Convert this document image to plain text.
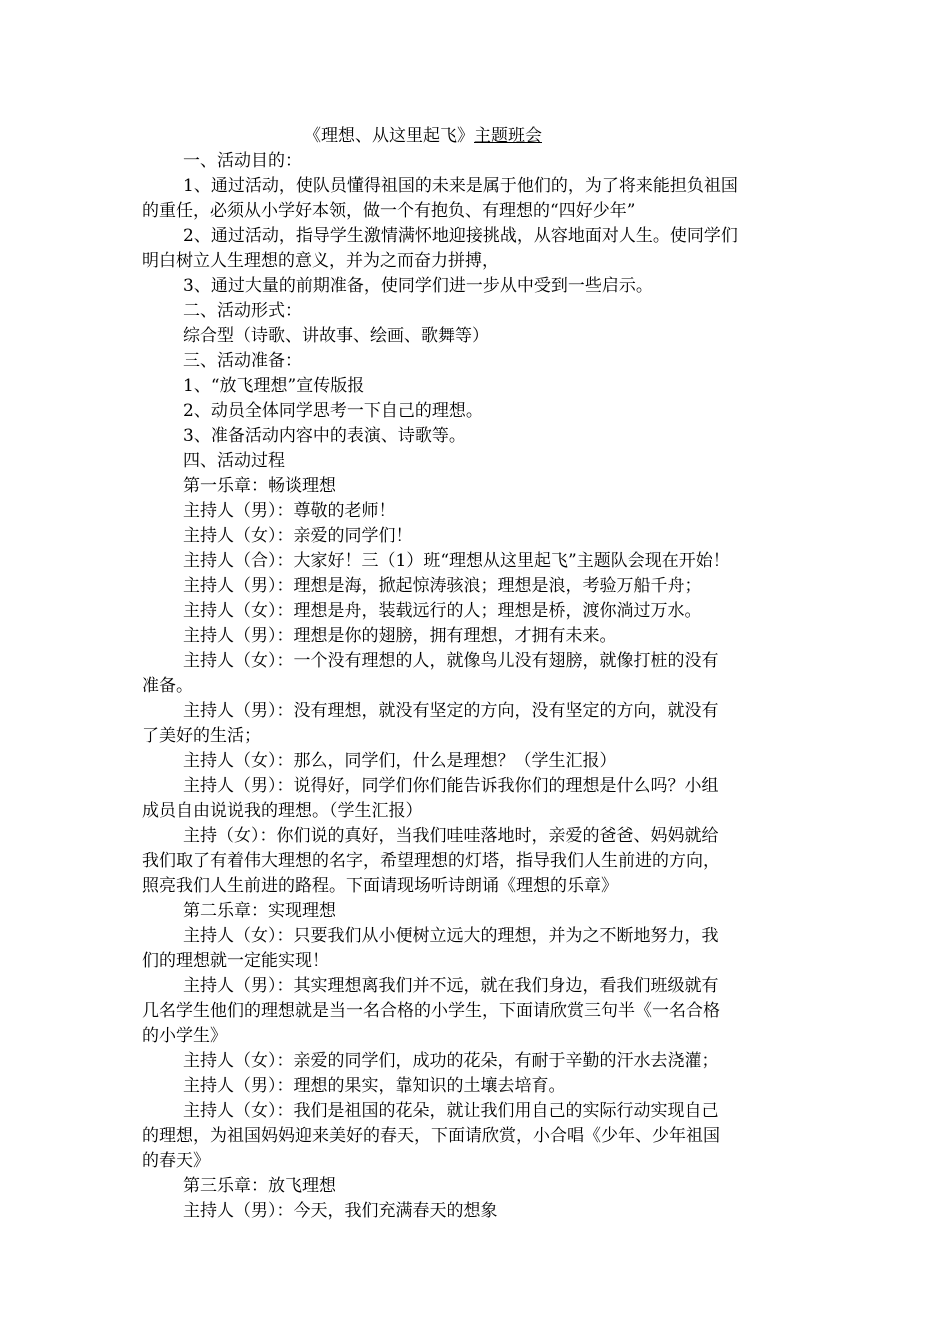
《理想、从这里起飞》主题班会
一、活动目的：
1、通过活动，使队员懂得祖国的未来是属于他们的，为了将来能担负祖国
的重任，必须从小学好本领，做一个有抱负、有理想的“四好少年”
2、通过活动，指导学生激情满怀地迎接挑战，从容地面对人生。使同学们
明白树立人生理想的意义，并为之而奋力拼搏，
3、通过大量的前期准备，使同学们进一步从中受到一些启示。
二、活动形式：
综合型（诗歌、讲故事、绘画、歌舞等）
三、活动准备：
1、“放飞理想”宣传版报
2、动员全体同学思考一下自己的理想。
3、准备活动内容中的表演、诗歌等。
四、活动过程
第一乐章：畅谈理想
主持人（男）：尊敬的老师！
主持人（女）：亲爱的同学们！
主持人（合）：大家好！三（1）班“理想从这里起飞”主题队会现在开始！
主持人（男）：理想是海，掀起惊涛骇浪；理想是浪，考验万船千舟；
主持人（女）：理想是舟，装载远行的人；理想是桥，渡你淌过万水。
主持人（男）：理想是你的翅膀，拥有理想，才拥有未来。
主持人（女）：一个没有理想的人，就像鸟儿没有翅膀，就像打桩的没有
准备。
主持人（男）：没有理想，就没有坚定的方向，没有坚定的方向，就没有
了美好的生活；
主持人（女）：那么，同学们，什么是理想？（学生汇报）
主持人（男）：说得好，同学们你们能告诉我你们的理想是什么吗？小组
成员自由说说我的理想。（学生汇报）
主持（女）：你们说的真好，当我们哇哇落地时，亲爱的爸爸、妈妈就给
我们取了有着伟大理想的名字，希望理想的灯塔，指导我们人生前进的方向，
照亮我们人生前进的路程。下面请现场听诗朗诵《理想的乐章》
第二乐章：实现理想
主持人（女）：只要我们从小便树立远大的理想，并为之不断地努力，我
们的理想就一定能实现！
主持人（男）：其实理想离我们并不远，就在我们身边，看我们班级就有
几名学生他们的理想就是当一名合格的小学生，下面请欣赏三句半《一名合格
的小学生》
主持人（女）：亲爱的同学们，成功的花朵，有耐于辛勤的汗水去浇灌；
主持人（男）：理想的果实，靠知识的土壤去培育。
主持人（女）：我们是祖国的花朵，就让我们用自己的实际行动实现自己
的理想，为祖国妈妈迎来美好的春天，下面请欣赏，小合唱《少年、少年祖国
的春天》
第三乐章：放飞理想
主持人（男）：今天，我们充满春天的想象
